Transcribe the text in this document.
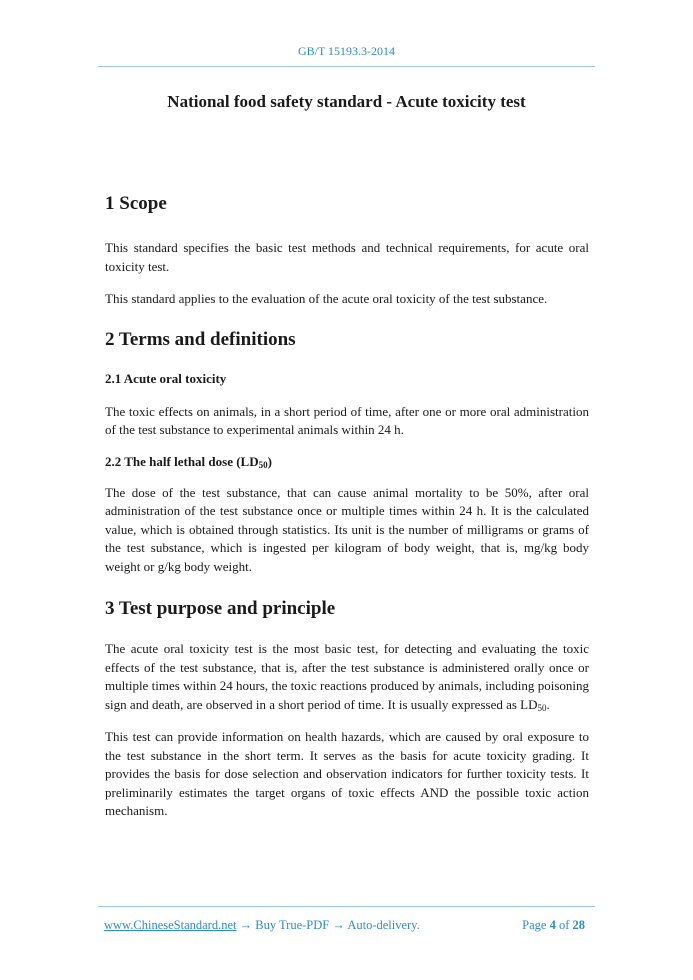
GB/T 15193.3-2014
National food safety standard - Acute toxicity test
1 Scope

This standard specifies the basic test methods and technical requirements, for acute oral toxicity test.

This standard applies to the evaluation of the acute oral toxicity of the test substance.

2 Terms and definitions
2.1 Acute oral toxicity

The toxic effects on animals, in a short period of time, after one or more oral administration of the test substance to experimental animals within 24 h.

2.2 The half lethal dose $(LD_{50})$

The dose of the test substance, that can cause animal mortality to be 50%, after oral administration of the test substance once or multiple times within 24 h. It is the calculated value, which is obtained through statistics. Its unit is the number of milligrams or grams of the test substance, which is ingested per kilogram of body weight, that is, mg/kg body weight or g/kg body weight.

3 Test purpose and principle

The acute oral toxicity test is the most basic test, for detecting and evaluating the toxic effects of the test substance, that is, after the test substance is administered orally once or multiple times within 24 hours, the toxic reactions produced by animals, including poisoning sign and death, are observed in a short period of time. It is usually expressed as $LD_{50}$.

This test can provide information on health hazards, which are caused by oral exposure to the test substance in the short term. It serves as the basis for acute toxicity grading. It provides the basis for dose selection and observation indicators for further toxicity tests. It preliminarily estimates the target organs of toxic effects AND the possible toxic action mechanism.

www.ChineseStandard.net → Buy True-PDF → Auto-delivery.	Page 4 of 28
